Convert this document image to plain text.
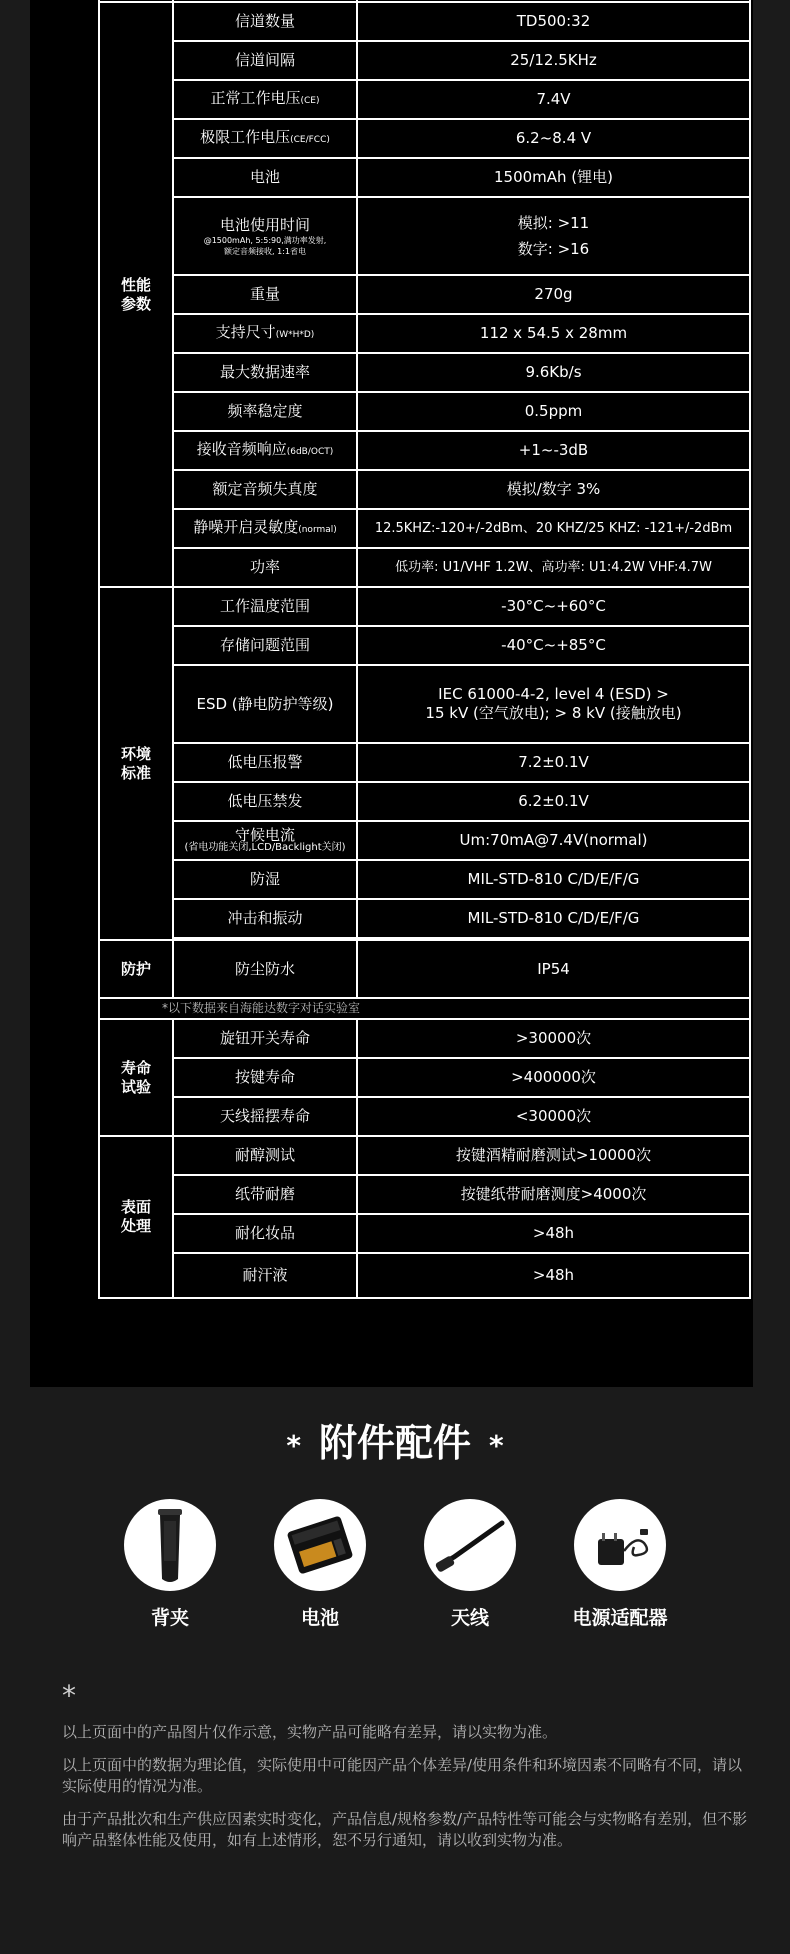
性能参数	信道数量	TD500:32
	信道间隔	25/12.5KHz
	正常工作电压(CE)	7.4V
	极限工作电压(CE/FCC)	6.2~8.4 V
	电池	1500mAh (锂电)
	电池使用时间
@1500mAh, 5:5:90,满功率发射,
额定音频接收, 1:1省电	模拟: >11
数字: >16
	重量	270g
	支持尺寸(W*H*D)	112 x 54.5 x 28mm
	最大数据速率	9.6Kb/s
	频率稳定度	0.5ppm
	接收音频响应(6dB/OCT)	+1~-3dB
	额定音频失真度	模拟/数字 3%
	静噪开启灵敏度(normal)	12.5KHZ:-120+/-2dBm、20 KHZ/25 KHZ: -121+/-2dBm
	功率	低功率: U1/VHF 1.2W、高功率: U1:4.2W VHF:4.7W
环境标准	工作温度范围	-30°C~+60°C
	存储问题范围	-40°C~+85°C
	ESD (静电防护等级)	IEC 61000-4-2, level 4 (ESD) >
15 kV (空气放电); > 8 kV (接触放电)
	低电压报警	7.2±0.1V
	低电压禁发	6.2±0.1V
	守候电流
(省电功能关闭,LCD/Backlight关闭)	Um:70mA@7.4V(normal)
	防湿	MIL-STD-810 C/D/E/F/G
	冲击和振动	MIL-STD-810 C/D/E/F/G

防护	防尘防水	IP54
*以下数据来自海能达数字对话实验室		
寿命试验	旋钮开关寿命	>30000次
	按键寿命	>400000次
	天线摇摆寿命	<30000次
表面处理	耐醇测试	按键酒精耐磨测试>10000次
	纸带耐磨	按键纸带耐磨测度>4000次
	耐化妆品	>48h
	耐汗液	>48h
* 附件配件 *
背夹	电池	天线	电源适配器
*

以上页面中的产品图片仅作示意，实物产品可能略有差异，请以实物为准。

以上页面中的数据为理论值，实际使用中可能因产品个体差异/使用条件和环境因素不同略有不同，请以实际使用的情况为准。

由于产品批次和生产供应因素实时变化，产品信息/规格参数/产品特性等可能会与实物略有差别，但不影响产品整体性能及使用，如有上述情形，恕不另行通知，请以收到实物为准。
